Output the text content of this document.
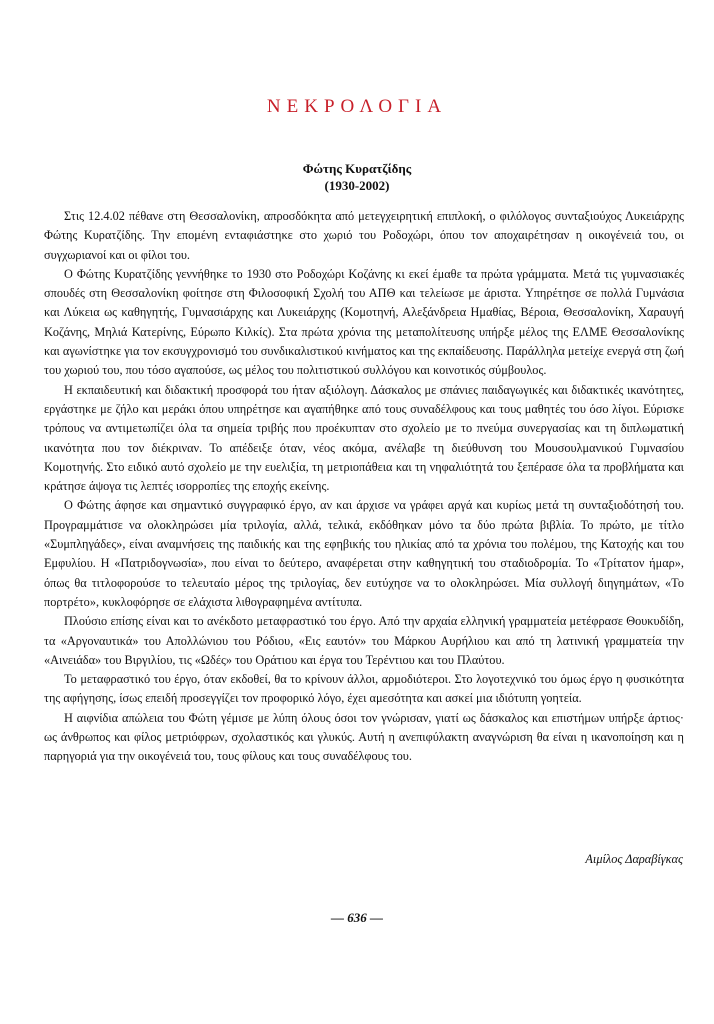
ΝΕΚΡΟΛΟΓΙΑ
Φώτης Κυρατζίδης
(1930-2002)

Στις 12.4.02 πέθανε στη Θεσσαλονίκη, απροσδόκητα από μετεγχειρητική επιπλοκή, ο φιλόλογος συνταξιούχος Λυκειάρχης Φώτης Κυρατζίδης. Την επομένη ενταφιάστηκε στο χωριό του Ροδοχώρι, όπου τον αποχαιρέτησαν η οικογένειά του, οι συγχωριανοί και οι φίλοι του.

Ο Φώτης Κυρατζίδης γεννήθηκε το 1930 στο Ροδοχώρι Κοζάνης κι εκεί έμαθε τα πρώτα γράμματα. Μετά τις γυμνασιακές σπουδές στη Θεσσαλονίκη φοίτησε στη Φιλοσοφική Σχολή του ΑΠΘ και τελείωσε με άριστα. Υπηρέτησε σε πολλά Γυμνάσια και Λύκεια ως καθηγητής, Γυμνασιάρχης και Λυκειάρχης (Κομοτηνή, Αλεξάνδρεια Ημαθίας, Βέροια, Θεσσαλονίκη, Χαραυγή Κοζάνης, Μηλιά Κατερίνης, Εύρωπο Κιλκίς). Στα πρώτα χρόνια της μεταπολίτευσης υπήρξε μέλος της ΕΛΜΕ Θεσσαλονίκης και αγωνίστηκε για τον εκσυγχρονισμό του συνδικαλιστικού κινήματος και της εκπαίδευσης. Παράλληλα μετείχε ενεργά στη ζωή του χωριού του, που τόσο αγαπούσε, ως μέλος του πολιτιστικού συλλόγου και κοινοτικός σύμβουλος.

Η εκπαιδευτική και διδακτική προσφορά του ήταν αξιόλογη. Δάσκαλος με σπάνιες παιδαγωγικές και διδακτικές ικανότητες, εργάστηκε με ζήλο και μεράκι όπου υπηρέτησε και αγαπήθηκε από τους συναδέλφους και τους μαθητές του όσο λίγοι. Εύρισκε τρόπους να αντιμετωπίζει όλα τα σημεία τριβής που προέκυπταν στο σχολείο με το πνεύμα συνεργασίας και τη διπλωματική ικανότητα που τον διέκριναν. Το απέδειξε όταν, νέος ακόμα, ανέλαβε τη διεύθυνση του Μουσουλμανικού Γυμνασίου Κομοτηνής. Στο ειδικό αυτό σχολείο με την ευελιξία, τη μετριοπάθεια και τη νηφαλιότητά του ξεπέρασε όλα τα προβλήματα και κράτησε άψογα τις λεπτές ισορροπίες της εποχής εκείνης.

Ο Φώτης άφησε και σημαντικό συγγραφικό έργο, αν και άρχισε να γράφει αργά και κυρίως μετά τη συνταξιοδότησή του. Προγραμμάτισε να ολοκληρώσει μία τριλογία, αλλά, τελικά, εκδόθηκαν μόνο τα δύο πρώτα βιβλία. Το πρώτο, με τίτλο «Συμπληγάδες», είναι αναμνήσεις της παιδικής και της εφηβικής του ηλικίας από τα χρόνια του πολέμου, της Κατοχής και του Εμφυλίου. Η «Πατριδογνωσία», που είναι το δεύτερο, αναφέρεται στην καθηγητική του σταδιοδρομία. Το «Τρίτατον ήμαρ», όπως θα τιτλοφορούσε το τελευταίο μέρος της τριλογίας, δεν ευτύχησε να το ολοκληρώσει. Μία συλλογή διηγημάτων, «Το πορτρέτο», κυκλοφόρησε σε ελάχιστα λιθογραφημένα αντίτυπα.

Πλούσιο επίσης είναι και το ανέκδοτο μεταφραστικό του έργο. Από την αρχαία ελληνική γραμματεία μετέφρασε Θουκυδίδη, τα «Αργοναυτικά» του Απολλώνιου του Ρόδιου, «Εις εαυτόν» του Μάρκου Αυρήλιου και από τη λατινική γραμματεία την «Αινειάδα» του Βιργιλίου, τις «Ωδές» του Οράτιου και έργα του Τερέντιου και του Πλαύτου.

Το μεταφραστικό του έργο, όταν εκδοθεί, θα το κρίνουν άλλοι, αρμοδιότεροι. Στο λογοτεχνικό του όμως έργο η φυσικότητα της αφήγησης, ίσως επειδή προσεγγίζει τον προφορικό λόγο, έχει αμεσότητα και ασκεί μια ιδιότυπη γοητεία.

Η αιφνίδια απώλεια του Φώτη γέμισε με λύπη όλους όσοι τον γνώρισαν, γιατί ως δάσκαλος και επιστήμων υπήρξε άρτιος· ως άνθρωπος και φίλος μετριόφρων, σχολαστικός και γλυκύς. Αυτή η ανεπιφύλακτη αναγνώριση θα είναι η ικανοποίηση και η παρηγοριά για την οικογένειά του, τους φίλους και τους συναδέλφους του.

Αιμίλος Δαραβίγκας
— 636 —
